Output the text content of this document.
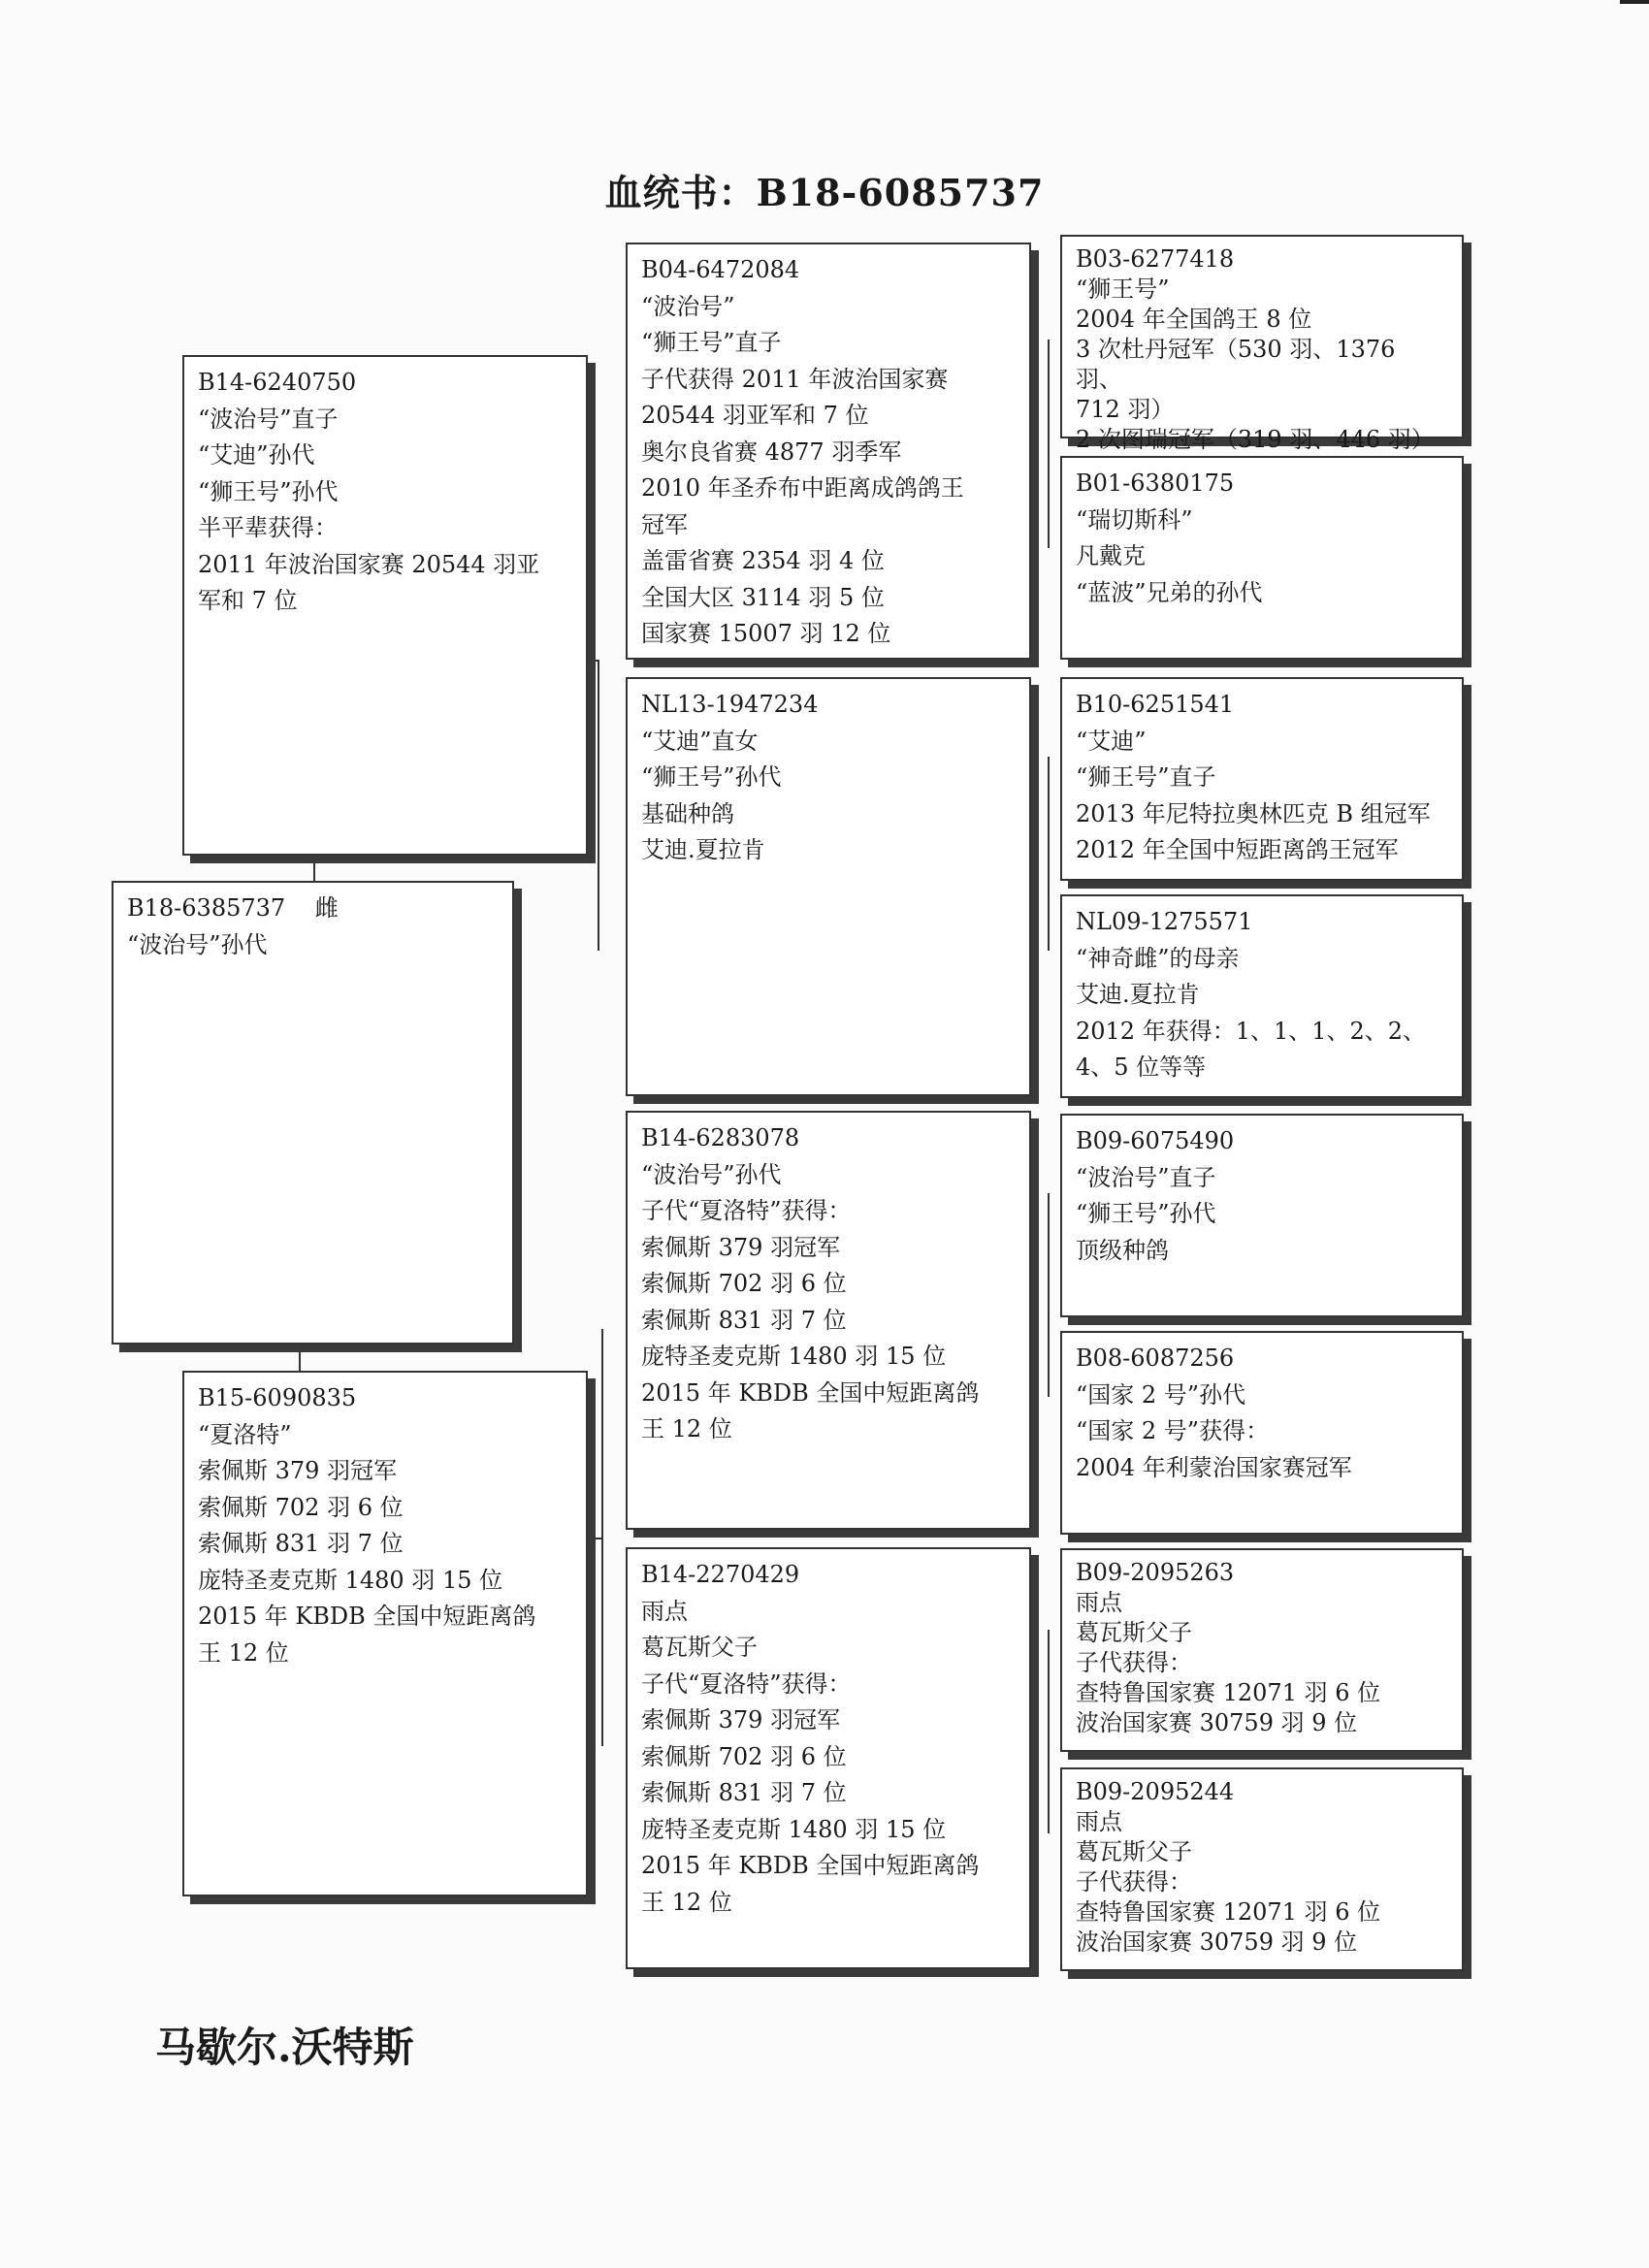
血统书：B18-6085737
B18-6385737    雌
“波治号”孙代
B14-6240750
“波治号”直子
“艾迪”孙代
“狮王号”孙代
半平辈获得：
2011 年波治国家赛 20544 羽亚
军和 7 位
B15-6090835
“夏洛特”
索佩斯 379 羽冠军
索佩斯 702 羽 6 位
索佩斯 831 羽 7 位
庞特圣麦克斯 1480 羽 15 位
2015 年 KBDB 全国中短距离鸽
王 12 位
B04-6472084
“波治号”
“狮王号”直子
子代获得 2011 年波治国家赛
20544 羽亚军和 7 位
奥尔良省赛 4877 羽季军
2010 年圣乔布中距离成鸽鸽王
冠军
盖雷省赛 2354 羽 4 位
全国大区 3114 羽 5 位
国家赛 15007 羽 12 位
NL13-1947234
“艾迪”直女
“狮王号”孙代
基础种鸽
艾迪.夏拉肯
B14-6283078
“波治号”孙代
子代“夏洛特”获得：
索佩斯 379 羽冠军
索佩斯 702 羽 6 位
索佩斯 831 羽 7 位
庞特圣麦克斯 1480 羽 15 位
2015 年 KBDB 全国中短距离鸽
王 12 位
B14-2270429
雨点
葛瓦斯父子
子代“夏洛特”获得：
索佩斯 379 羽冠军
索佩斯 702 羽 6 位
索佩斯 831 羽 7 位
庞特圣麦克斯 1480 羽 15 位
2015 年 KBDB 全国中短距离鸽
王 12 位
B03-6277418
“狮王号”
2004 年全国鸽王 8 位
3 次杜丹冠军（530 羽、1376 羽、
712 羽）
2 次图瑞冠军（319 羽、446 羽）
B01-6380175
“瑞切斯科”
凡戴克
“蓝波”兄弟的孙代
B10-6251541
“艾迪”
“狮王号”直子
2013 年尼特拉奥林匹克 B 组冠军
2012 年全国中短距离鸽王冠军
NL09-1275571
“神奇雌”的母亲
艾迪.夏拉肯
2012 年获得：1、1、1、2、2、
4、5 位等等
B09-6075490
“波治号”直子
“狮王号”孙代
顶级种鸽
B08-6087256
“国家 2 号”孙代
“国家 2 号”获得：
2004 年利蒙治国家赛冠军
B09-2095263
雨点
葛瓦斯父子
子代获得：
查特鲁国家赛 12071 羽 6 位
波治国家赛 30759 羽 9 位
B09-2095244
雨点
葛瓦斯父子
子代获得：
查特鲁国家赛 12071 羽 6 位
波治国家赛 30759 羽 9 位
马歇尔.沃特斯
